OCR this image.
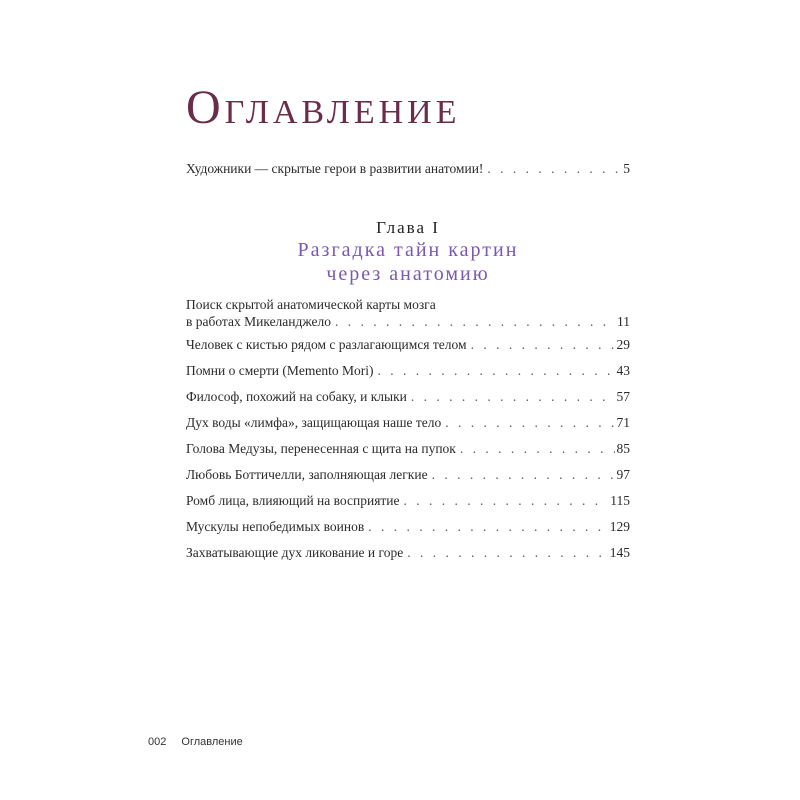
Оглавление
Художники — скрытые герои в развитии анатомии! . . .	5
Глава I
Разгадка тайн картин
через анатомию
Поиск скрытой анатомической карты мозга
в работах Микеланджело . . .	11
Человек с кистью рядом с разлагающимся телом . . .	29
Помни о смерти (Memento Mori) . . .	43
Философ, похожий на собаку, и клыки . . .	57
Дух воды «лимфа», защищающая наше тело . . .	71
Голова Медузы, перенесенная с щита на пупок . . .	85
Любовь Боттичелли, заполняющая легкие . . .	97
Ромб лица, влияющий на восприятие . . .	115
Мускулы непобедимых воинов . . .	129
Захватывающие дух ликование и горе . . .	145
002 Оглавление
